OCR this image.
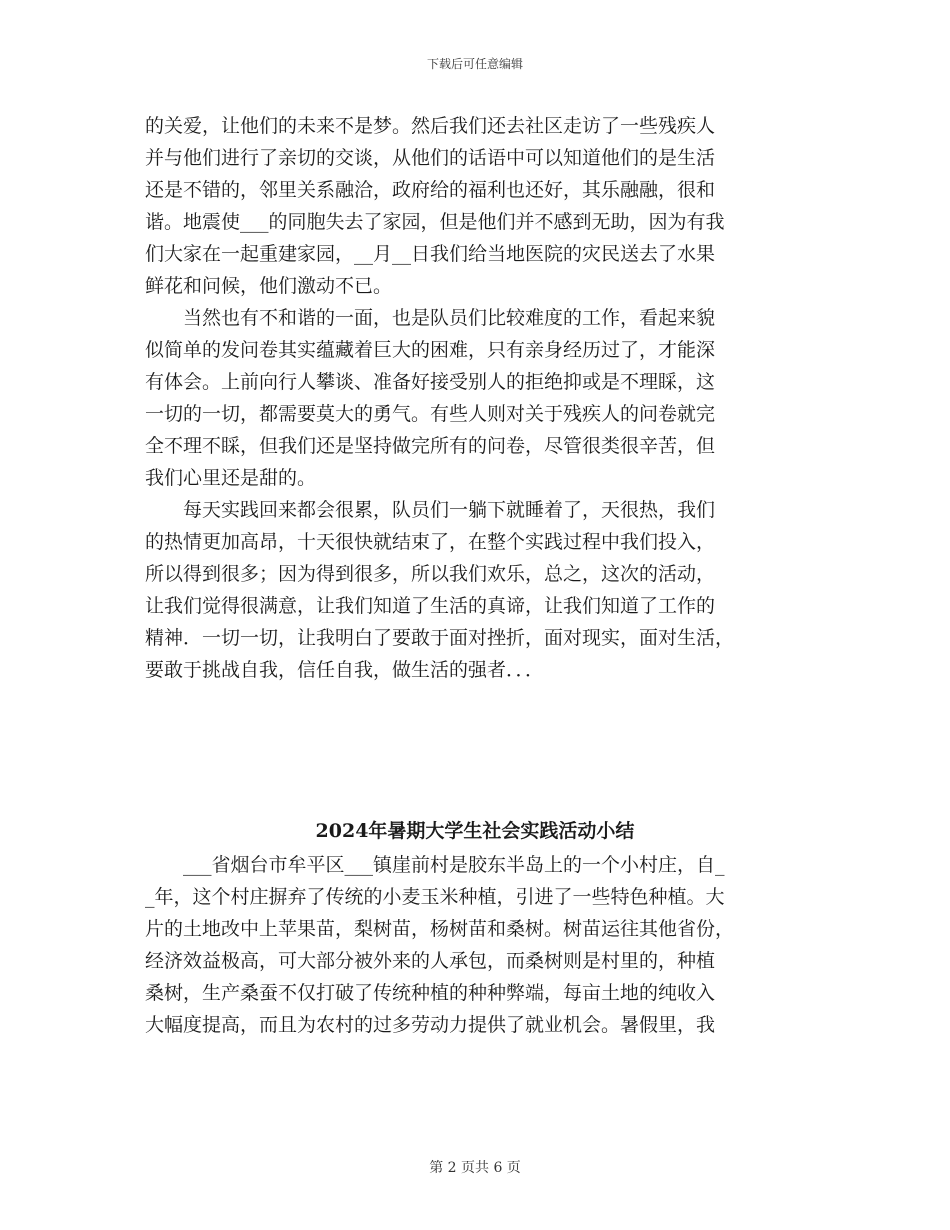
下载后可任意编辑
的关爱，让他们的未来不是梦。然后我们还去社区走访了一些残疾人
并与他们进行了亲切的交谈，从他们的话语中可以知道他们的是生活
还是不错的，邻里关系融洽，政府给的福利也还好，其乐融融，很和
谐。地震使___的同胞失去了家园，但是他们并不感到无助，因为有我
们大家在一起重建家园，__月__日我们给当地医院的灾民送去了水果
鲜花和问候，他们激动不已。
　　当然也有不和谐的一面，也是队员们比较难度的工作，看起来貌
似简单的发问卷其实蕴藏着巨大的困难，只有亲身经历过了，才能深
有体会。上前向行人攀谈、准备好接受别人的拒绝抑或是不理睬，这
一切的一切，都需要莫大的勇气。有些人则对关于残疾人的问卷就完
全不理不睬，但我们还是坚持做完所有的问卷，尽管很类很辛苦，但
我们心里还是甜的。
　　每天实践回来都会很累，队员们一躺下就睡着了，天很热，我们
的热情更加高昂，十天很快就结束了，在整个实践过程中我们投入，
所以得到很多；因为得到很多，所以我们欢乐，总之，这次的活动，
让我们觉得很满意，让我们知道了生活的真谛，让我们知道了工作的
精神．一切一切，让我明白了要敢于面对挫折，面对现实，面对生活，
要敢于挑战自我，信任自我，做生活的强者．．．
2024年暑期大学生社会实践活动小结
　　___省烟台市牟平区___镇崖前村是胶东半岛上的一个小村庄，自_
_年，这个村庄摒弃了传统的小麦玉米种植，引进了一些特色种植。大
片的土地改中上苹果苗，梨树苗，杨树苗和桑树。树苗运往其他省份，
经济效益极高，可大部分被外来的人承包，而桑树则是村里的，种植
桑树，生产桑蚕不仅打破了传统种植的种种弊端，每亩土地的纯收入
大幅度提高，而且为农村的过多劳动力提供了就业机会。暑假里，我
第 2 页共 6 页
